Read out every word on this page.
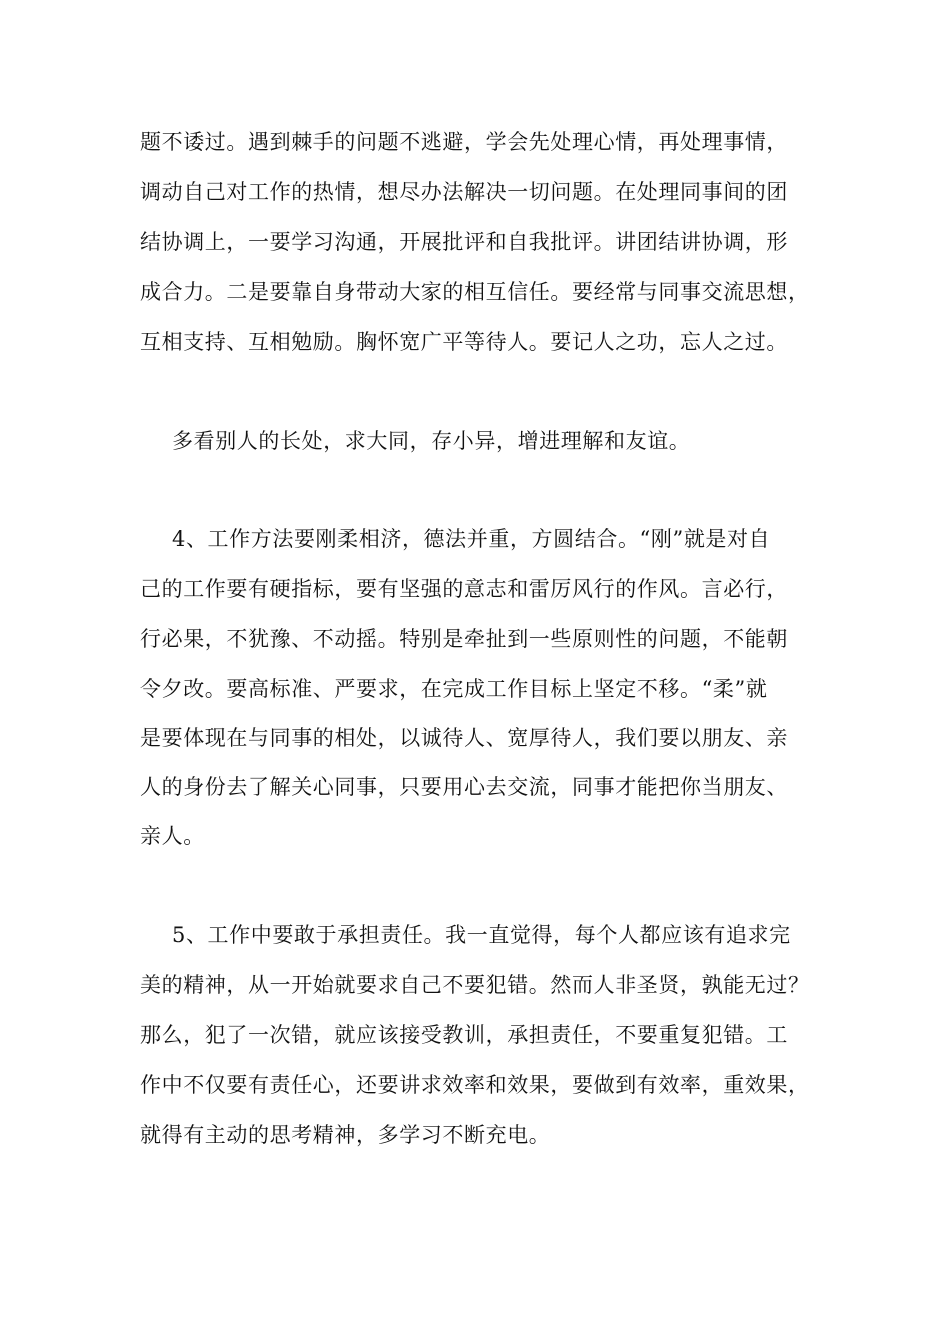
题不诿过。遇到棘手的问题不逃避，学会先处理心情，再处理事情，
调动自己对工作的热情，想尽办法解决一切问题。在处理同事间的团
结协调上，一要学习沟通，开展批评和自我批评。讲团结讲协调，形
成合力。二是要靠自身带动大家的相互信任。要经常与同事交流思想，
互相支持、互相勉励。胸怀宽广平等待人。要记人之功，忘人之过。
多看别人的长处，求大同，存小异，增进理解和友谊。
4、工作方法要刚柔相济，德法并重，方圆结合。“刚”就是对自
己的工作要有硬指标，要有坚强的意志和雷厉风行的作风。言必行，
行必果，不犹豫、不动摇。特别是牵扯到一些原则性的问题，不能朝
令夕改。要高标准、严要求，在完成工作目标上坚定不移。“柔”就
是要体现在与同事的相处，以诚待人、宽厚待人，我们要以朋友、亲
人的身份去了解关心同事，只要用心去交流，同事才能把你当朋友、
亲人。
5、工作中要敢于承担责任。我一直觉得，每个人都应该有追求完
美的精神，从一开始就要求自己不要犯错。然而人非圣贤，孰能无过？
那么，犯了一次错，就应该接受教训，承担责任，不要重复犯错。工
作中不仅要有责任心，还要讲求效率和效果，要做到有效率，重效果，
就得有主动的思考精神，多学习不断充电。
